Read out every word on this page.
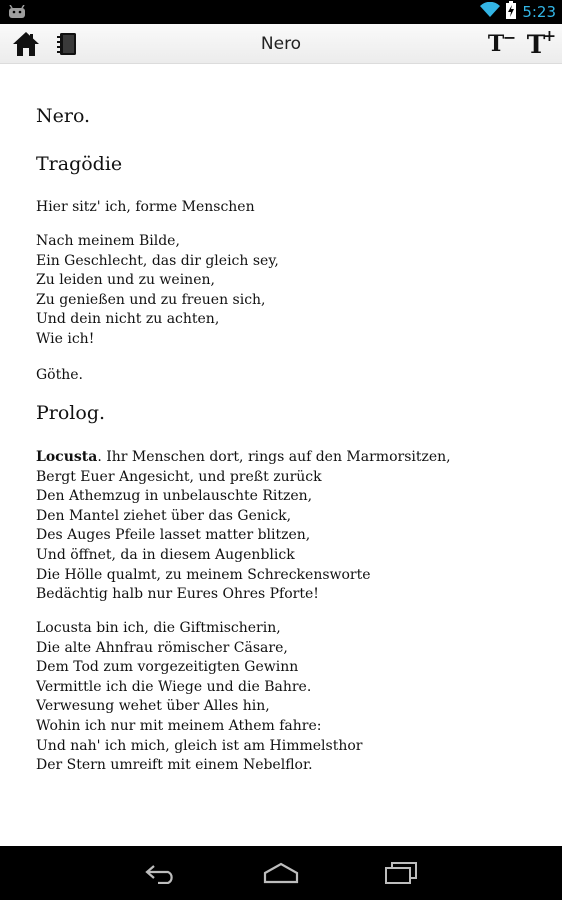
5:23
Nero	T
− T
+
Nero.
Tragödie

Hier sitz' ich, forme Menschen

Nach meinem Bilde,
Ein Geschlecht, das dir gleich sey,
Zu leiden und zu weinen,
Zu genießen und zu freuen sich,
Und dein nicht zu achten,
Wie ich!

Göthe.

Prolog.

Locusta. Ihr Menschen dort, rings auf den Marmorsitzen,
Bergt Euer Angesicht, und preßt zurück
Den Athemzug in unbelauschte Ritzen,
Den Mantel ziehet über das Genick,
Des Auges Pfeile lasset matter blitzen,
Und öffnet, da in diesem Augenblick
Die Hölle qualmt, zu meinem Schreckensworte
Bedächtig halb nur Eures Ohres Pforte!

Locusta bin ich, die Giftmischerin,
Die alte Ahnfrau römischer Cäsare,
Dem Tod zum vorgezeitigten Gewinn
Vermittle ich die Wiege und die Bahre.
Verwesung wehet über Alles hin,
Wohin ich nur mit meinem Athem fahre:
Und nah' ich mich, gleich ist am Himmelsthor
Der Stern umreift mit einem Nebelflor.
